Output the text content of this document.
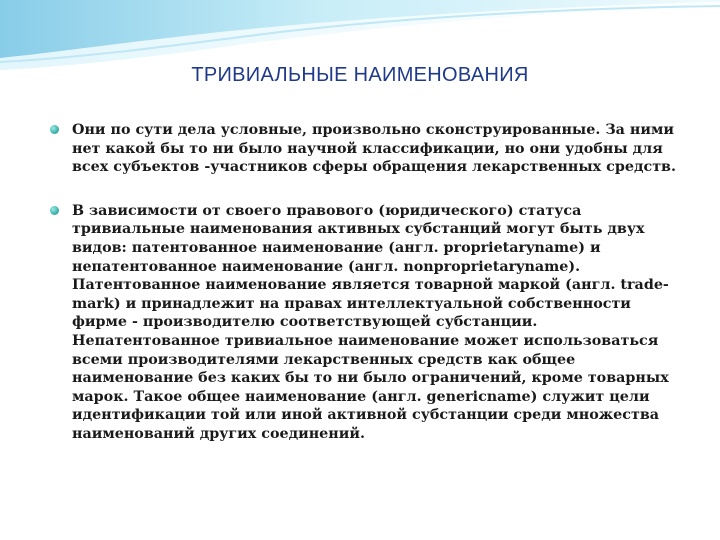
ТРИВИАЛЬНЫЕ НАИМЕНОВАНИЯ
Они по сути дела условные, произвольно сконструированные. За ними нет какой бы то ни было научной классификации, но они удобны для всех субъектов -участников сферы обращения лекарственных средств.
В зависимости от своего правового (юридического) статуса тривиальные наименования активных субстанций могут быть двух видов: патентованное наименование (англ. proprietaryname) и непатентованное наименование (англ. nonproprietaryname). Патентованное наименование является товарной маркой (англ. trade-mark) и принадлежит на правах интеллектуальной собственности фирме - производителю соответствующей субстанции. Непатентованное тривиальное наименование может использоваться всеми производителями лекарственных средств как общее наименование без каких бы то ни было ограничений, кроме товарных марок. Такое общее наименование (англ. genericname) служит цели идентификации той или иной активной субстанции среди множества наименований других соединений.
